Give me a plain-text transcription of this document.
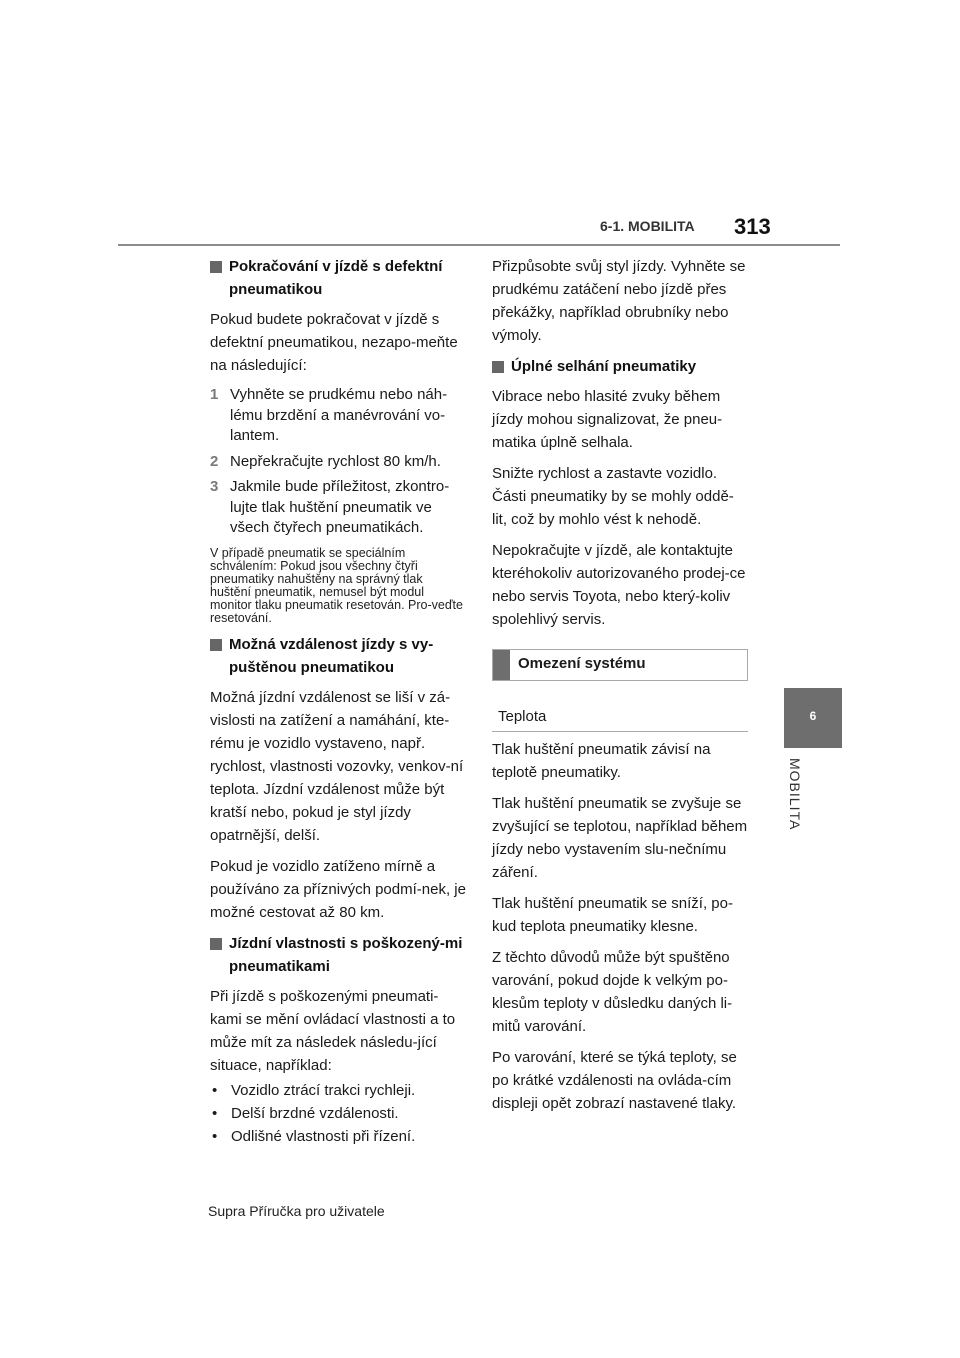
6-1. MOBILITA 313
6
MOBILITA
Pokračování v jízdě s defektní pneumatikou

Pokud budete pokračovat v jízdě s defektní pneumatikou, nezapo-meňte na následující:

1 Vyhněte se prudkému nebo náh-lému brzdění a manévrování vo-lantem.
2 Nepřekračujte rychlost 80 km/h.
3 Jakmile bude příležitost, zkontro-lujte tlak huštění pneumatik ve všech čtyřech pneumatikách.

V případě pneumatik se speciálním schválením: Pokud jsou všechny čtyři pneumatiky nahuštěny na správný tlak huštění pneumatik, nemusel být modul monitor tlaku pneumatik resetován. Pro-veďte resetování.

Možná vzdálenost jízdy s vy-puštěnou pneumatikou

Možná jízdní vzdálenost se liší v zá-vislosti na zatížení a namáhání, kte-rému je vozidlo vystaveno, např. rychlost, vlastnosti vozovky, venkov-ní teplota. Jízdní vzdálenost může být kratší nebo, pokud je styl jízdy opatrnější, delší.

Pokud je vozidlo zatíženo mírně a používáno za příznivých podmí-nek, je možné cestovat až 80 km.

Jízdní vlastnosti s poškozený-mi pneumatikami

Při jízdě s poškozenými pneumati-kami se mění ovládací vlastnosti a to může mít za následek následu-jící situace, například:

• Vozidlo ztrácí trakci rychleji.
• Delší brzdné vzdálenosti.
• Odlišné vlastnosti při řízení.

Přizpůsobte svůj styl jízdy. Vyhněte se prudkému zatáčení nebo jízdě přes překážky, například obrubníky nebo výmoly.

Úplné selhání pneumatiky

Vibrace nebo hlasité zvuky během jízdy mohou signalizovat, že pneu-matika úplně selhala.

Snižte rychlost a zastavte vozidlo. Části pneumatiky by se mohly oddě-lit, což by mohlo vést k nehodě.

Nepokračujte v jízdě, ale kontaktujte kteréhokoliv autorizovaného prodej-ce nebo servis Toyota, nebo který-koliv spolehlivý servis.

Omezení systému
Teplota

Tlak huštění pneumatik závisí na teplotě pneumatiky.

Tlak huštění pneumatik se zvyšuje se zvyšující se teplotou, například během jízdy nebo vystavením slu-nečnímu záření.

Tlak huštění pneumatik se sníží, po-kud teplota pneumatiky klesne.

Z těchto důvodů může být spuštěno varování, pokud dojde k velkým po-klesům teploty v důsledku daných li-mitů varování.

Po varování, které se týká teploty, se po krátké vzdálenosti na ovláda-cím displeji opět zobrazí nastavené tlaky.

Supra Příručka pro uživatele
